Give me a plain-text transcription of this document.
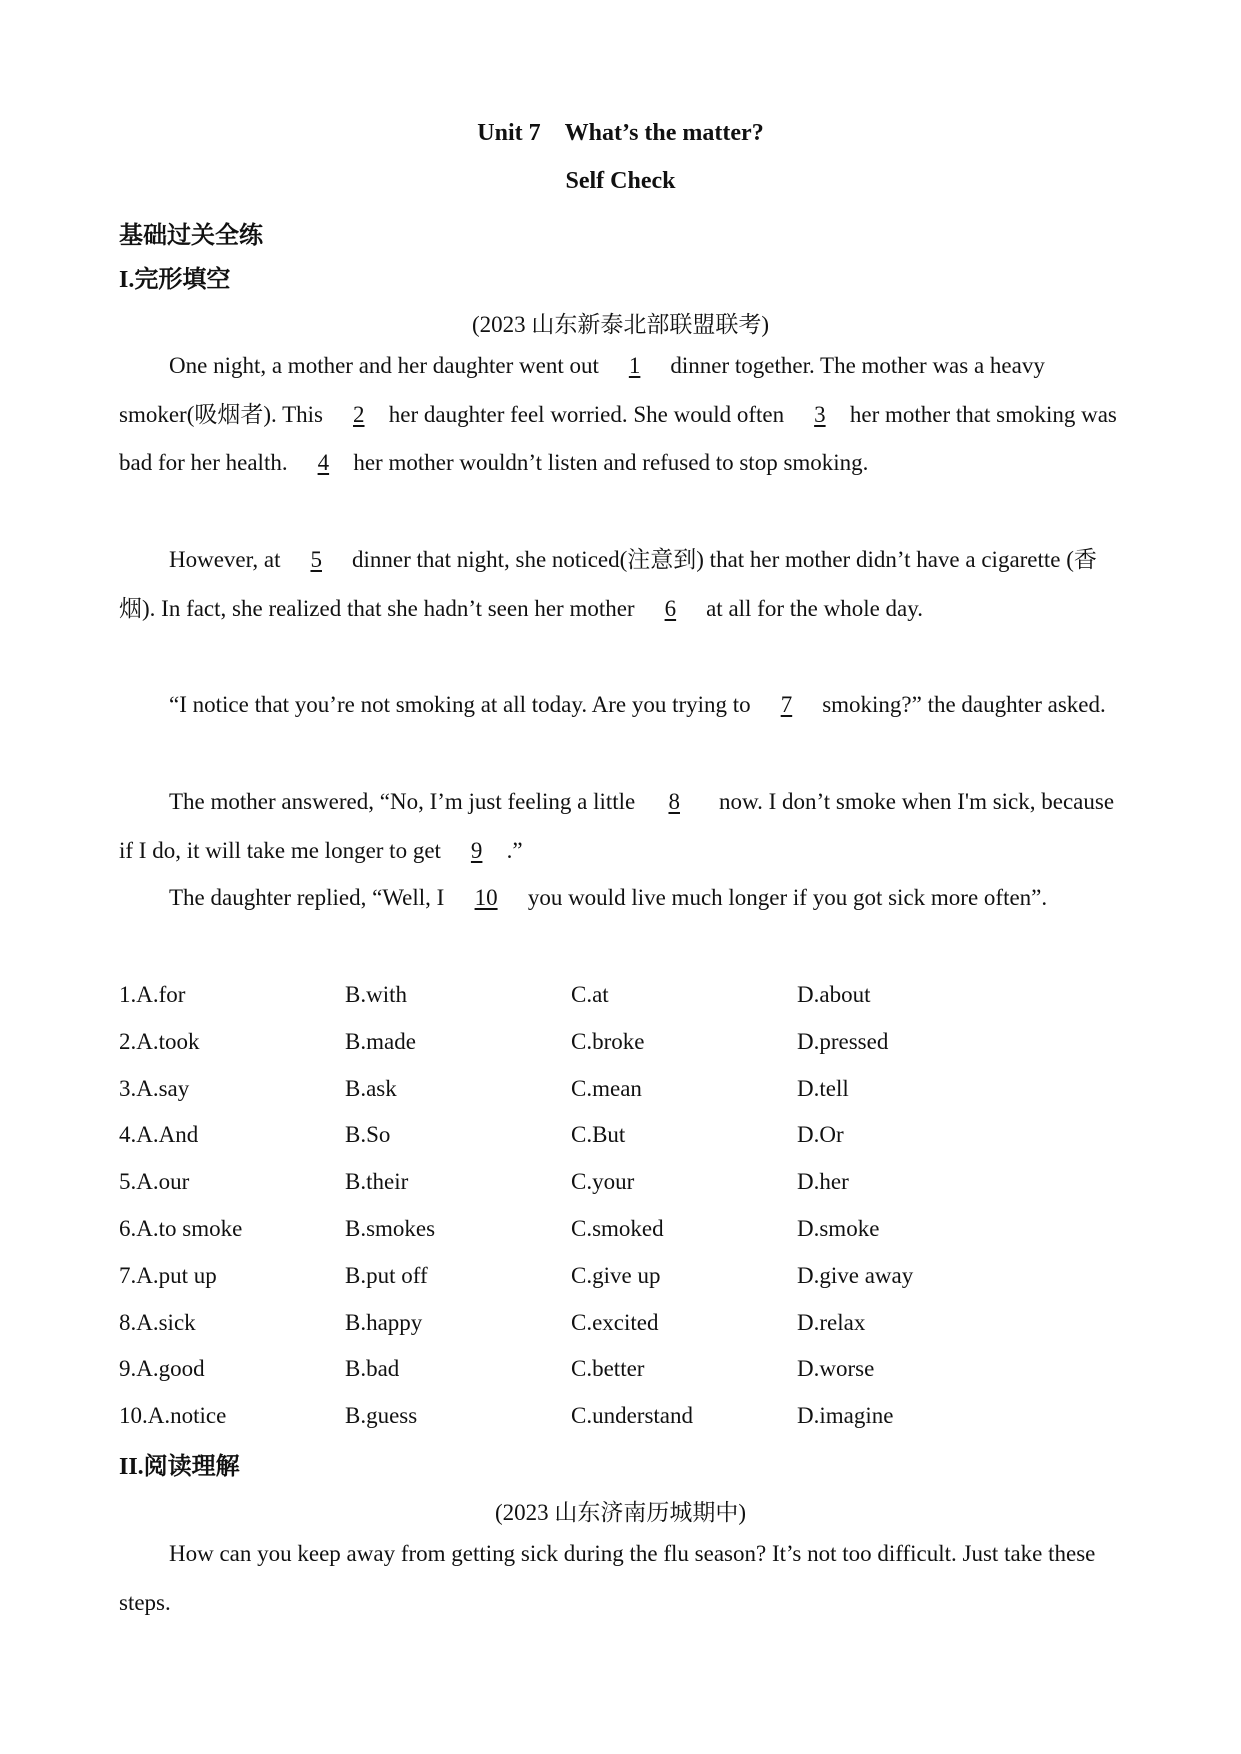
Unit 7 What’s the matter?
Self Check
基础过关全练
I.完形填空
(2023 山东新泰北部联盟联考)
One night, a mother and her daughter went out 1 dinner together. The mother was a heavy smoker(吸烟者). This 2 her daughter feel worried. She would often 3 her mother that smoking was bad for her health. 4 her mother wouldn’t listen and refused to stop smoking.
However, at 5 dinner that night, she noticed(注意到) that her mother didn’t have a cigarette (香烟). In fact, she realized that she hadn’t seen her mother 6 at all for the whole day.
“I notice that you’re not smoking at all today. Are you trying to 7 smoking?” the daughter asked.
The mother answered, “No, I’m just feeling a little 8 now. I don’t smoke when I'm sick, because if I do, it will take me longer to get 9 .”
The daughter replied, “Well, I 10 you would live much longer if you got sick more often”.
1.A.for	B.with	C.at	D.about
2.A.took	B.made	C.broke	D.pressed
3.A.say	B.ask	C.mean	D.tell
4.A.And	B.So	C.But	D.Or
5.A.our	B.their	C.your	D.her
6.A.to smoke	B.smokes	C.smoked	D.smoke
7.A.put up	B.put off	C.give up	D.give away
8.A.sick	B.happy	C.excited	D.relax
9.A.good	B.bad	C.better	D.worse
10.A.notice	B.guess	C.understand	D.imagine
II.阅读理解
(2023 山东济南历城期中)
How can you keep away from getting sick during the flu season? It’s not too difficult. Just take these steps.
